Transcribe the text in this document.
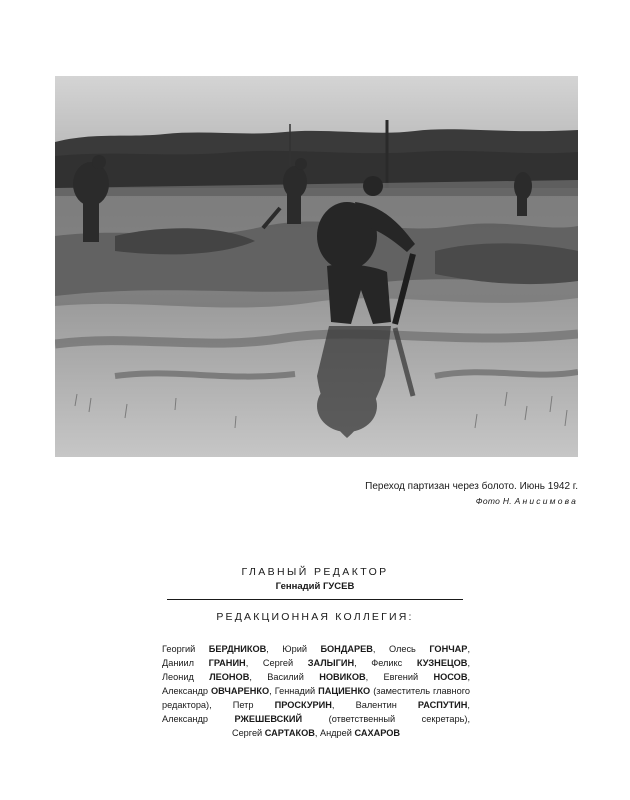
Переход партизан через болото. Июнь 1942 г.
Фото Н. Анисимова
ГЛАВНЫЙ РЕДАКТОР
Геннадий ГУСЕВ
РЕДАКЦИОННАЯ КОЛЛЕГИЯ:
Георгий БЕРДНИКОВ, Юрий БОНДАРЕВ, Олесь ГОНЧАР, Даниил ГРАНИН, Сергей ЗАЛЫГИН, Феликс КУЗНЕЦОВ, Леонид ЛЕОНОВ, Василий НОВИКОВ, Евгений НОСОВ, Александр ОВЧАРЕНКО, Геннадий ПАЦИЕНКО (заместитель главного редактора), Петр ПРОСКУРИН, Валентин РАСПУТИН, Александр	РЖЕШЕВСКИЙ	(ответственный секретарь), Сергей САРТАКОВ, Андрей САХАРОВ
